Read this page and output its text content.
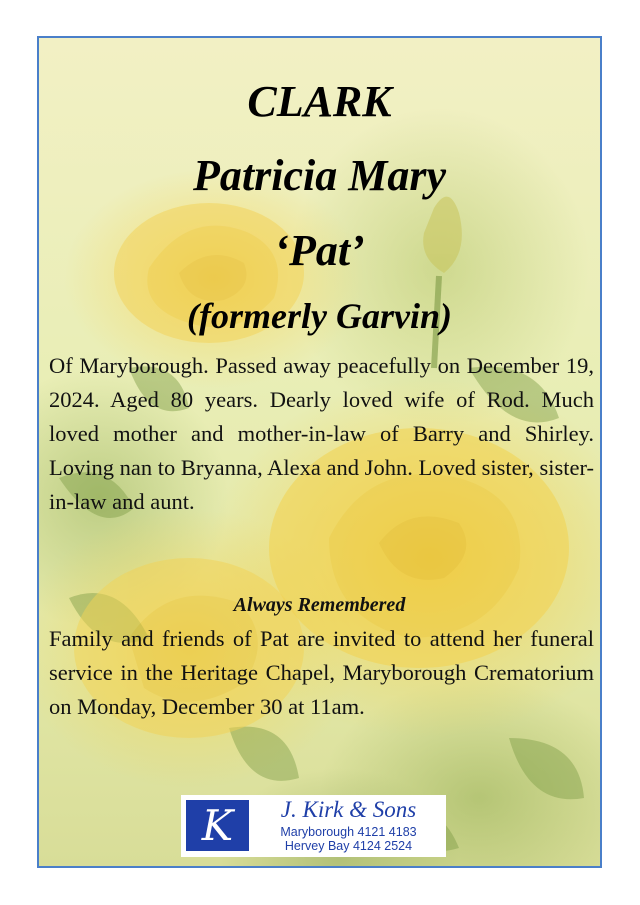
CLARK
Patricia Mary
‘Pat’
(formerly Garvin)

Of Maryborough. Passed away peacefully on December 19, 2024. Aged 80 years. Dearly loved wife of Rod. Much loved mother and mother-in-law of Barry and Shirley. Loving nan to Bryanna, Alexa and John. Loved sister, sister-in-law and aunt.

Always Remembered

Family and friends of Pat are invited to attend her funeral service in the Heritage Chapel, Maryborough Crematorium on Monday, December 30 at 11am.

K	J. Kirk & Sons
Maryborough 4121 4183
Hervey Bay 4124 2524
